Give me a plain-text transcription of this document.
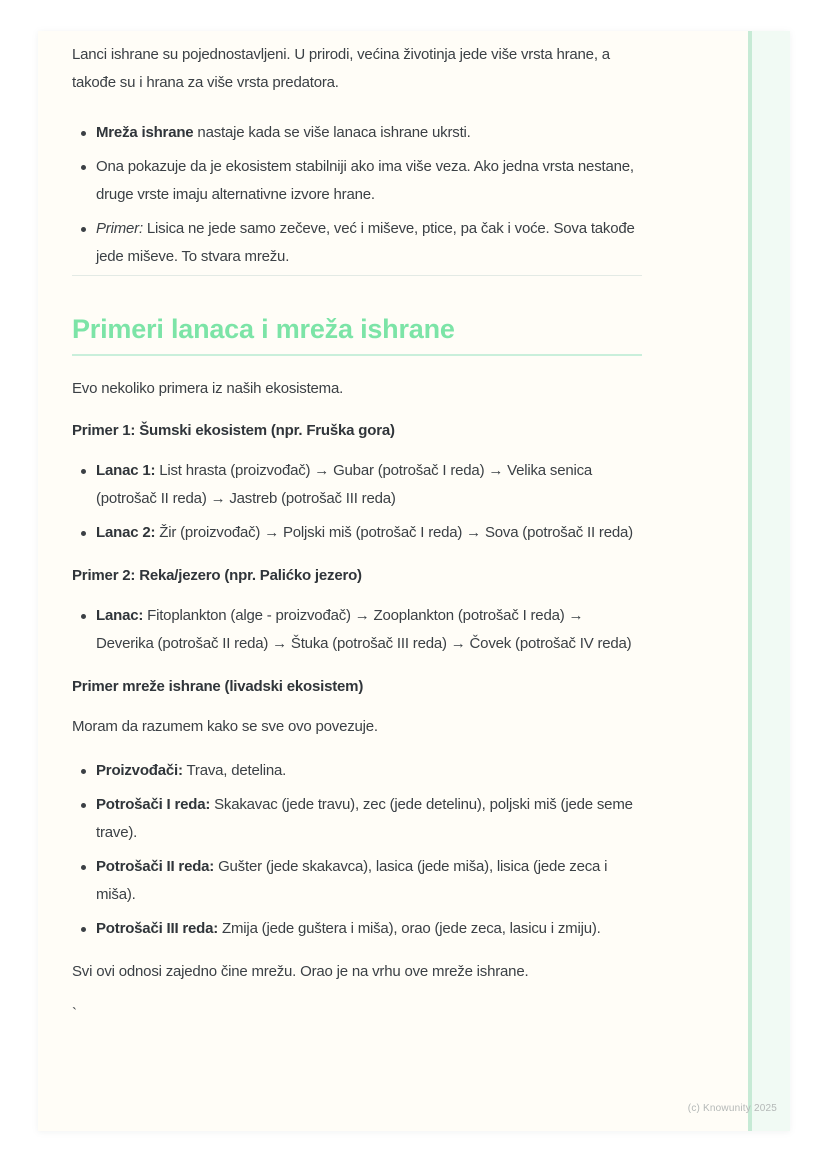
Lanci ishrane su pojednostavljeni. U prirodi, većina životinja jede više vrsta hrane, a takođe su i hrana za više vrsta predatora.

Mreža ishrane nastaje kada se više lanaca ishrane ukrsti.
Ona pokazuje da je ekosistem stabilniji ako ima više veza. Ako jedna vrsta nestane, druge vrste imaju alternativne izvore hrane.
Primer: Lisica ne jede samo zečeve, već i miševe, ptice, pa čak i voće. Sova takođe jede miševe. To stvara mrežu.
Primeri lanaca i mreža ishrane

Evo nekoliko primera iz naših ekosistema.

Primer 1: Šumski ekosistem (npr. Fruška gora)
Lanac 1: List hrasta (proizvođač) → Gubar (potrošač I reda) → Velika senica (potrošač II reda) → Jastreb (potrošač III reda)
Lanac 2: Žir (proizvođač) → Poljski miš (potrošač I reda) → Sova (potrošač II reda)
Primer 2: Reka/jezero (npr. Palićko jezero)
Lanac: Fitoplankton (alge - proizvođač) → Zooplankton (potrošač I reda) → Deverika (potrošač II reda) → Štuka (potrošač III reda) → Čovek (potrošač IV reda)
Primer mreže ishrane (livadski ekosistem)

Moram da razumem kako se sve ovo povezuje.

Proizvođači: Trava, detelina.
Potrošači I reda: Skakavac (jede travu), zec (jede detelinu), poljski miš (jede seme trave).
Potrošači II reda: Gušter (jede skakavca), lasica (jede miša), lisica (jede zeca i miša).
Potrošači III reda: Zmija (jede guštera i miša), orao (jede zeca, lasicu i zmiju).

Svi ovi odnosi zajedno čine mrežu. Orao je na vrhu ove mreže ishrane.

`

(c) Knowunity 2025
